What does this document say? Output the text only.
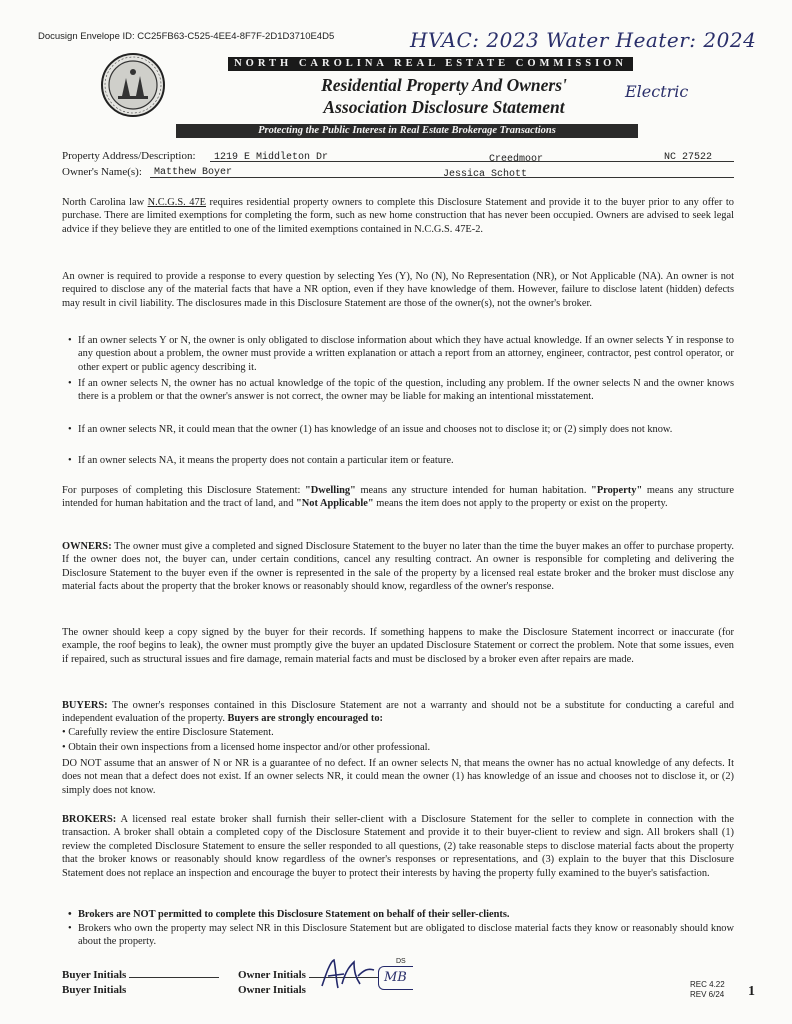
Docusign Envelope ID: CC25FB63-C525-4EE4-8F7F-2D1D3710E4D5	HVAC: 2023 Water Heater: 2024
Electric
NORTH CAROLINA REAL ESTATE COMMISSION
Residential Property And Owners'
Association Disclosure Statement
Protecting the Public Interest in Real Estate Brokerage Transactions
Property Address/Description: 1219 E Middleton Dr	Creedmoor	NC 27522
Owner's Name(s): Matthew Boyer	Jessica Schott

North Carolina law N.C.G.S. 47E requires residential property owners to complete this Disclosure Statement and provide it to the buyer prior to any offer to purchase. There are limited exemptions for completing the form, such as new home construction that has never been occupied. Owners are advised to seek legal advice if they believe they are entitled to one of the limited exemptions contained in N.C.G.S. 47E-2.

An owner is required to provide a response to every question by selecting Yes (Y), No (N), No Representation (NR), or Not Applicable (NA). An owner is not required to disclose any of the material facts that have a NR option, even if they have knowledge of them. However, failure to disclose latent (hidden) defects may result in civil liability. The disclosures made in this Disclosure Statement are those of the owner(s), not the owner's broker.

• If an owner selects Y or N, the owner is only obligated to disclose information about which they have actual knowledge. If an owner selects Y in response to any question about a problem, the owner must provide a written explanation or attach a report from an attorney, engineer, contractor, pest control operator, or other expert or public agency describing it.

• If an owner selects N, the owner has no actual knowledge of the topic of the question, including any problem. If the owner selects N and the owner knows there is a problem or that the owner's answer is not correct, the owner may be liable for making an intentional misstatement.

• If an owner selects NR, it could mean that the owner (1) has knowledge of an issue and chooses not to disclose it; or (2) simply does not know.

• If an owner selects NA, it means the property does not contain a particular item or feature.

For purposes of completing this Disclosure Statement: "Dwelling" means any structure intended for human habitation. "Property" means any structure intended for human habitation and the tract of land, and "Not Applicable" means the item does not apply to the property or exist on the property.

OWNERS: The owner must give a completed and signed Disclosure Statement to the buyer no later than the time the buyer makes an offer to purchase property. If the owner does not, the buyer can, under certain conditions, cancel any resulting contract. An owner is responsible for completing and delivering the Disclosure Statement to the buyer even if the owner is represented in the sale of the property by a licensed real estate broker and the broker must disclose any material facts about the property that the broker knows or reasonably should know, regardless of the owner's response.

The owner should keep a copy signed by the buyer for their records. If something happens to make the Disclosure Statement incorrect or inaccurate (for example, the roof begins to leak), the owner must promptly give the buyer an updated Disclosure Statement or correct the problem. Note that some issues, even if repaired, such as structural issues and fire damage, remain material facts and must be disclosed by a broker even after repairs are made.

BUYERS: The owner's responses contained in this Disclosure Statement are not a warranty and should not be a substitute for conducting a careful and independent evaluation of the property. Buyers are strongly encouraged to:

• Carefully review the entire Disclosure Statement.

• Obtain their own inspections from a licensed home inspector and/or other professional.

DO NOT assume that an answer of N or NR is a guarantee of no defect. If an owner selects N, that means the owner has no actual knowledge of any defects. It does not mean that a defect does not exist. If an owner selects NR, it could mean the owner (1) has knowledge of an issue and chooses not to disclose it, or (2) simply does not know.

BROKERS: A licensed real estate broker shall furnish their seller-client with a Disclosure Statement for the seller to complete in connection with the transaction. A broker shall obtain a completed copy of the Disclosure Statement and provide it to their buyer-client to review and sign. All brokers shall (1) review the completed Disclosure Statement to ensure the seller responded to all questions, (2) take reasonable steps to disclose material facts about the property that the broker knows or reasonably should know regardless of the owner's responses or representations, and (3) explain to the buyer that this Disclosure Statement does not replace an inspection and encourage the buyer to protect their interests by having the property fully examined to the buyer's satisfaction.

• Brokers are NOT permitted to complete this Disclosure Statement on behalf of their seller-clients.

• Brokers who own the property may select NR in this Disclosure Statement but are obligated to disclose material facts they know or reasonably should know about the property.

Buyer Initials
Buyer Initials
Owner Initials
Owner Initials
DS
MB	REC 4.22
REV 6/24 1
